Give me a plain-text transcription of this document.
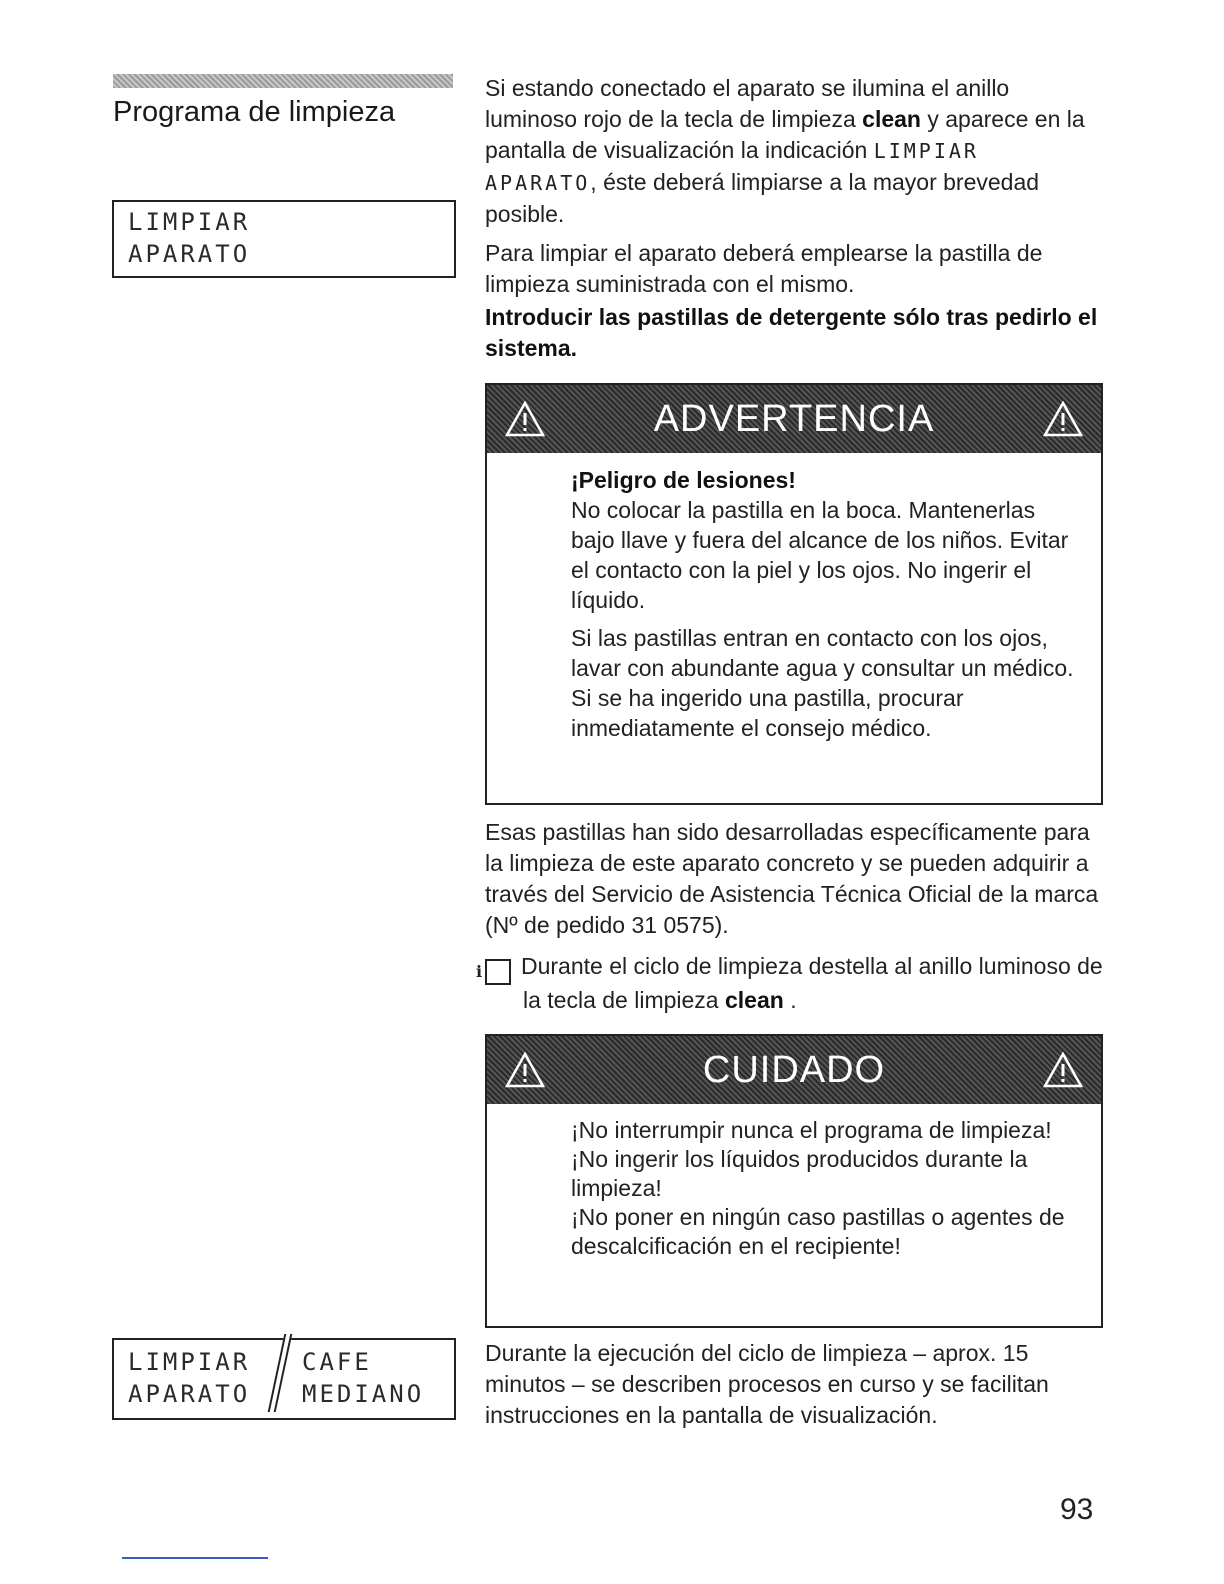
Programa de limpieza
LIMPIAR
APARATO

Si estando conectado el aparato se ilumina el anillo luminoso rojo de la tecla de limpieza clean y aparece en la pantalla de visualización la indicación LIMPIAR APARATO, éste deberá limpiarse a la mayor brevedad posible.

Para limpiar el aparato deberá emplearse la pastilla de limpieza suministrada con el mismo.

Introducir las pastillas de detergente sólo tras pedirlo el sistema.

ADVERTENCIA

¡Peligro de lesiones!

No colocar la pastilla en la boca. Mantenerlas bajo llave y fuera del alcance de los niños. Evitar el contacto con la piel y los ojos. No ingerir el líquido.

Si las pastillas entran en contacto con los ojos, lavar con abundante agua y consultar un médico.

Si se ha ingerido una pastilla, procurar inmediatamente el consejo médico.

Esas pastillas han sido desarrolladas específicamente para la limpieza de este aparato concreto y se pueden adquirir a través del Servicio de Asistencia Técnica Oficial de la marca (Nº de pedido 31 0575).

i Durante el ciclo de limpieza destella al anillo luminoso de la tecla de limpieza clean .

CUIDADO

¡No interrumpir nunca el programa de limpieza!

¡No ingerir los líquidos producidos durante la limpieza!

¡No poner en ningún caso pastillas o agentes de descalcificación en el recipiente!

LIMPIAR
APARATO
CAFE
MEDIANO

Durante la ejecución del ciclo de limpieza – aprox. 15 minutos – se describen procesos en curso y se facilitan instrucciones en la pantalla de visualización.

93
